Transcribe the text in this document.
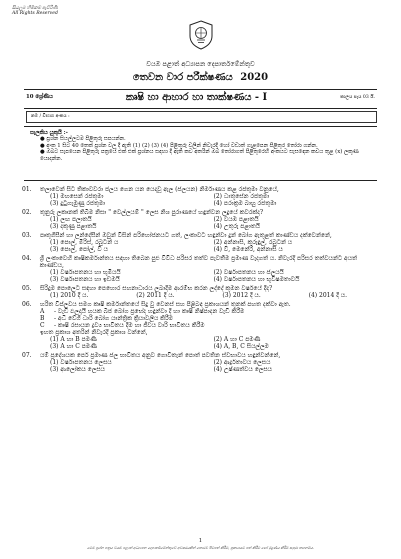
සියලුම හිමිකම් ඇවිරිණි
All Rights Reserved
වයඹ පළාත් අධ්‍යාපන දෙපාර්තමේන්තුව
තෙවන වාර පරීක්ෂණය 2020
10 ශ්‍රේණිය	කෘෂි හා ආහාර හා තාක්ෂණය - I	කාලය පැය 03 යි.
නම / විභාග අංකය :
සැලකිය යුතුයි :-
● ප්‍රශ්න සියල්ලටම පිළිතුරු සපයන්න.
● අංක 1 සිට 40 තෙක් ප්‍රශ්න වල දී ඇති (1) (2) (3) (4) පිළිතුරු වලින් නිවැරදි හෝ වඩාත් ගැළපෙන පිළිතුර තෝරා ගන්න.
● ඔබට සැපයෙන පිළිතුරු පත්‍රයේ එක් එක් ප්‍රශ්නය සඳහා දී ඇති කව අතරින් ඔබ තෝරාගත් පිළිතුරෙහි අංකයට සැසඳෙන කවය තුළ (x) ලකුණ යොදන්න.
01.	තලාවෙන් සිට තිකාවවරා ජලය ගෙන යන යෙදවූ ඇල (ජලයන) නිර්මාණය කළ රජතුමා වනුයේ,
(1) මහසෙන් රජතුමා	(2) ධාතුසේන රජතුමා
(3) දුටුගැමුණු රජතුමා	(4) පරාක්‍රම බාහු රජතුමා
02.	තුනුරු ලකෘනක් තිබීම නිසා " වෙල්ලයම් " ලෙස නිශ පුරාණයේ හඳුන්වන ලදුයේ කවරක්ද?
(1) ලඟ පලාතයි	(2) වයඹ පළාතයි
(3) දකුණු පළාතයි	(4) උතුරු පළාතයි
03.	පෘතුගීසීන් හා ලන්දේසීන් ඔවුන් විසින් පරිහෝජනයට ගත්, ලංකාවට හඳුන්වා දුන් බෝග ඇතුළත් කාණ්ඩය දක්වෙන්නේ,
(1) පොල්, මිරිස්, රබුටන් ය	(2) අන්නාසි, කුරුඳුල්, රබුටන් ය
(3) පොල්, පෝල්, වී ය	(4) වී, මෙනේරි, අන්නාසි ය
04.	ශ්‍රී ලංකාවෙහි කෘෂිකර්මාන්තය සඳහා තිබෙන පුළු විවිධ පරිසර තත්ව පැවතීම ප්‍රමාණ වැදගත් ය. නිවැරදි පරිසර තත්වයන්ට අයත් කාණ්ඩය,
(1) වර්ෂාපතනය හා භූමියයි	(2) වර්ෂාපතනය හා ජලයයි
(3) වර්ෂාපතනය හා ඉඩමයි	(4) වර්ෂාපතනය හා භූවිෂමතාවයි
05.	සිරිදුම පොලෙට සඳහා පෙහොර සහනාධාරය ලබාදීම ආරම්භ කරන ලද්දේ කුමන වර්ෂයේ දීද?
(1) 2010 දී ය.	(2) 2011 දී ය.	(3) 2012 දී ය.	(4) 2014 දී ය.
06.	හරිත විප්ලවය සමග කෘෂි කර්මාන්තයේ සිදු වු වෙනස් සහ පිළිබඳ ප්‍රකාශයන් තුනක් පහත දක්වා ඇත.
A	- වැඩි ඵලදායී හයක බීජ බෝග ප්‍රභේද හඳුන්වා දී හා කෘෂි නිෂ්පාදන වැඩි කිරීම
B	- අධි වේගී ධාරි බෝග යාන්ත්‍රික ක්‍රියාවලිය කිරීම
C	- කෘෂි රසායන ද්‍රව්‍ය භාවිතය දීම හා ජීවය වාරි භාවිතය කිරීම
ඉහත ප්‍රකාශ අතරින් නිවැරදි ප්‍රකාශ වන්නේ,
(1) A හා B පමණි	(2) A හා C පමණි
(3) A හා C පමණි	(4) A, B, C සියල්ලම
07.	යම් ප්‍රදේශයක පෙර් ප්‍රමාණ ජල භාවිතය අනුව ගොවිතැන් පොත් පවතින ස්වභාවය හඳුන්වන්නේ,
(1) වර්ෂාපතනය ලෙසය	(2) ආර්ද්‍රතාවය ලෙසය
(3) ආලෝකය ලෙසය	(4) උෂ්ණත්වය ලෙසය
1
මෙම ප්‍රශ්න පත්‍රය වයඹ පළාත් අධ්‍යාපන දෙපාර්තමේන්තුවේ අවසරයකින් තොරව පිටපත් කිරීම, ප්‍රකාශයට පත් කිරීම හෝ මුද්‍රණය කිරීම සපුරා තහනම්ය.
